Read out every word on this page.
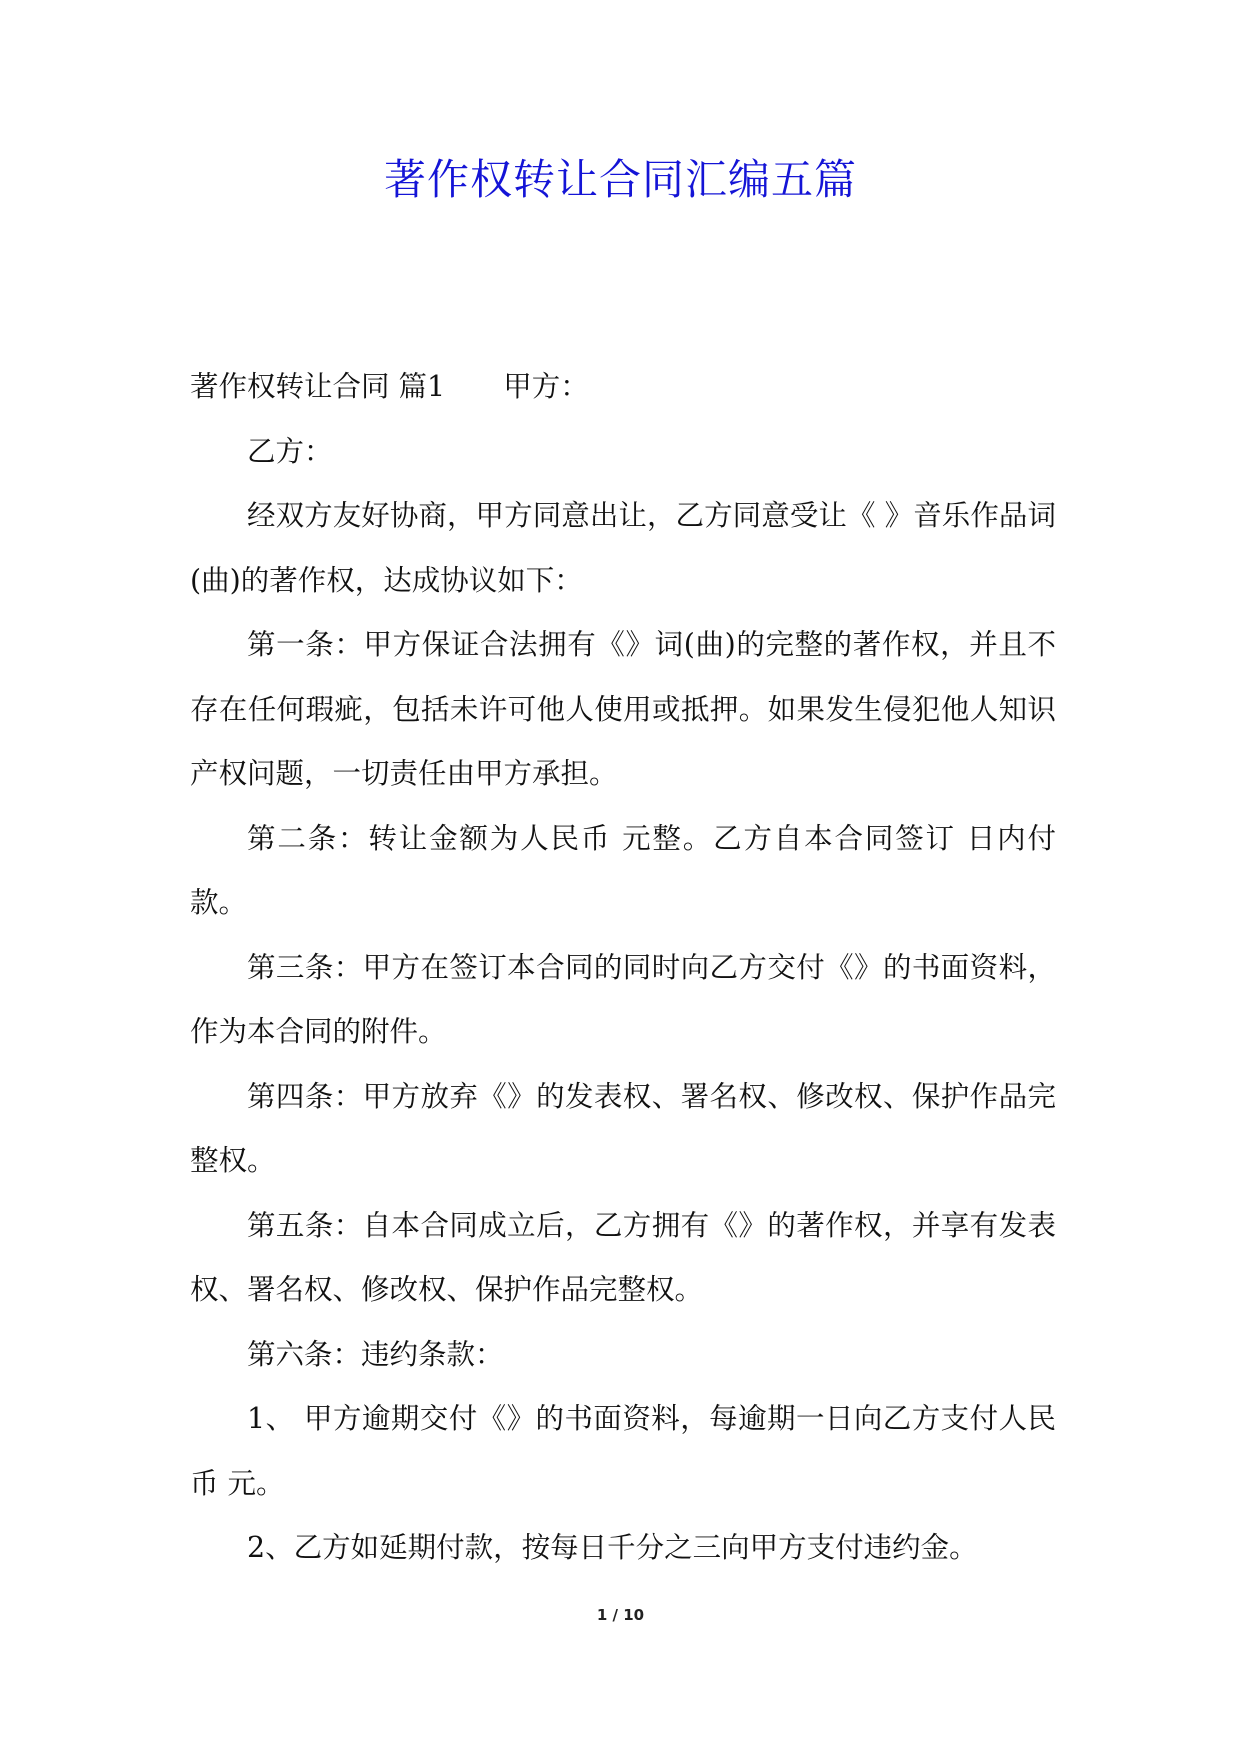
著作权转让合同汇编五篇

著作权转让合同 篇1 甲方：

乙方：

经双方友好协商，甲方同意出让，乙方同意受让《 》音乐作品词(曲)的著作权，达成协议如下：

第一条：甲方保证合法拥有《》词(曲)的完整的著作权，并且不存在任何瑕疵，包括未许可他人使用或抵押。如果发生侵犯他人知识产权问题，一切责任由甲方承担。

第二条：转让金额为人民币 元整。乙方自本合同签订 日内付款。

第三条：甲方在签订本合同的同时向乙方交付《》的书面资料，作为本合同的附件。

第四条：甲方放弃《》的发表权、署名权、修改权、保护作品完整权。

第五条：自本合同成立后，乙方拥有《》的著作权，并享有发表权、署名权、修改权、保护作品完整权。

第六条：违约条款：

1、 甲方逾期交付《》的书面资料，每逾期一日向乙方支付人民币 元。

2、乙方如延期付款，按每日千分之三向甲方支付违约金。

1 / 10
